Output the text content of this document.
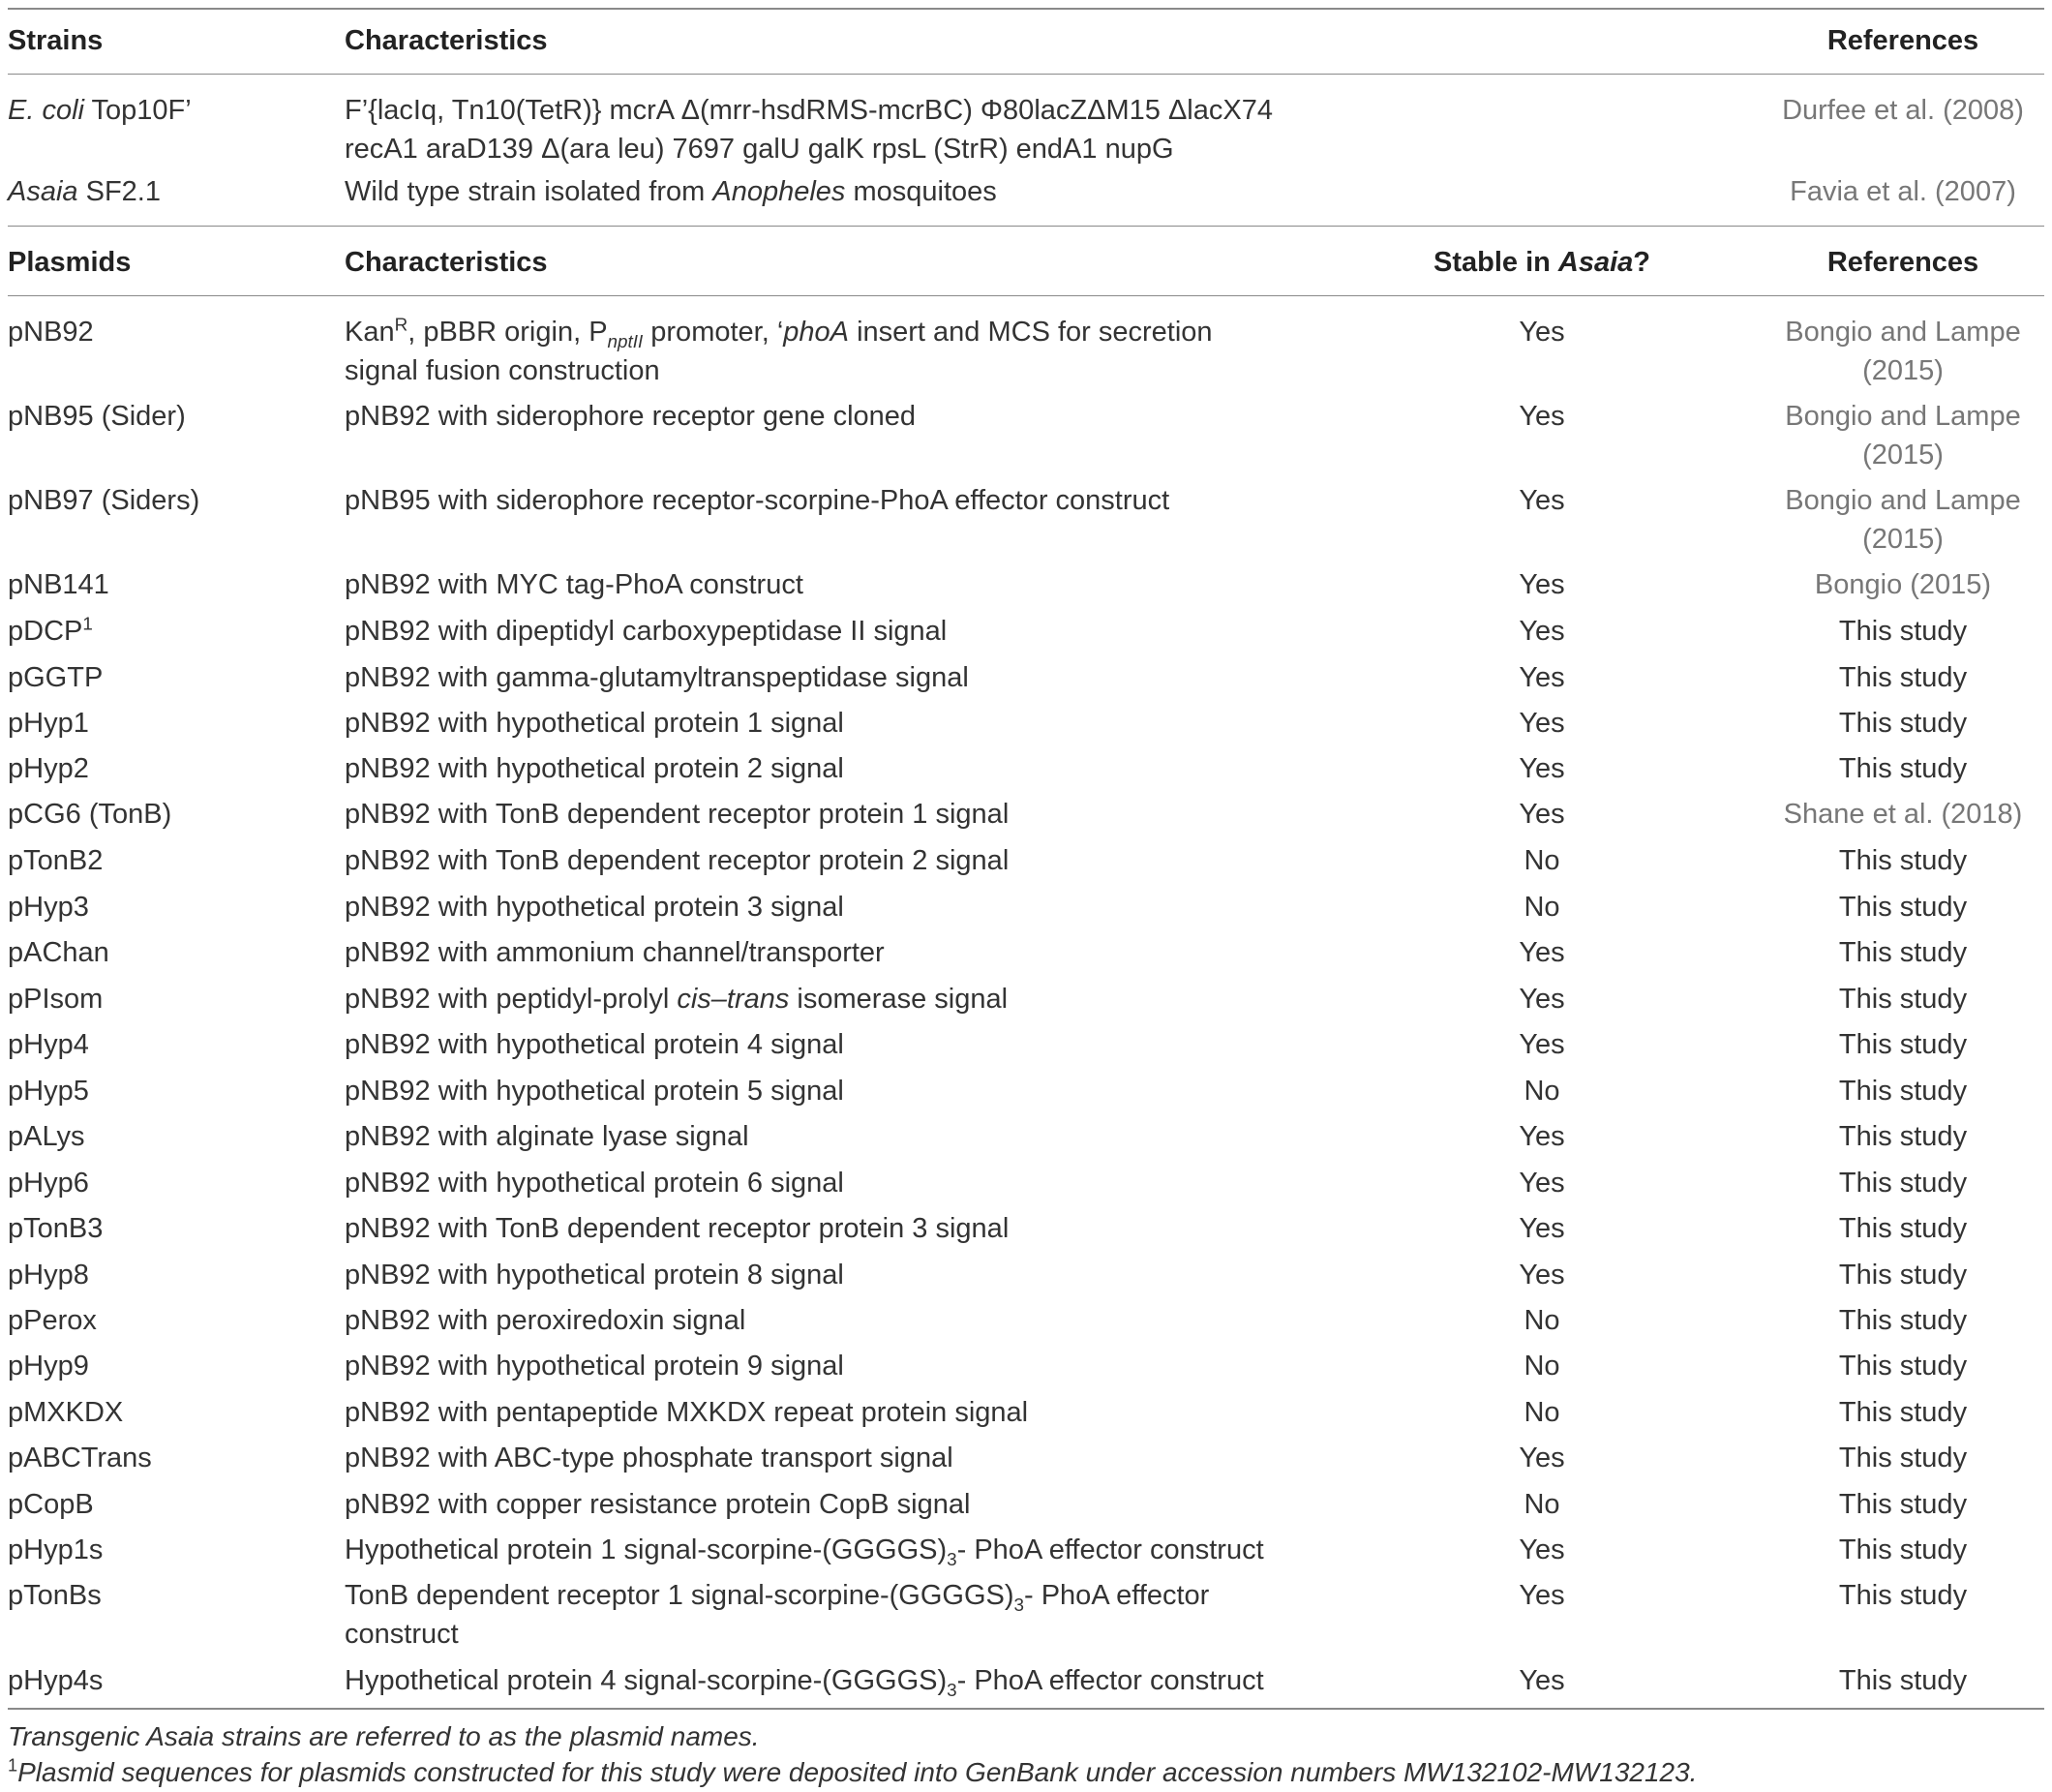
Strains	Characteristics	References
E. coli Top10F’	F’{lacIq, Tn10(TetR)} mcrA Δ(mrr-hsdRMS-mcrBC) Φ80lacZΔM15 ΔlacX74
recA1 araD139 Δ(ara leu) 7697 galU galK rpsL (StrR) endA1 nupG
Durfee et al. (2008)
Asaia SF2.1	Wild type strain isolated from Anopheles mosquitoes	Favia et al. (2007)
Plasmids	Characteristics	Stable in Asaia?	References
pNB92	Kan$^R$, pBBR origin, $P_{nptII}$ promoter, ‘phoA insert and MCS for secretion
signal fusion construction
Yes	Bongio and Lampe
(2015)
pNB95 (Sider)	pNB92 with siderophore receptor gene cloned	Yes	Bongio and Lampe
(2015)
pNB97 (Siders)	pNB95 with siderophore receptor-scorpine-PhoA effector construct	Yes	Bongio and Lampe
(2015)
pNB141	pNB92 with MYC tag-PhoA construct	Yes	Bongio (2015)
pDCP$^1$	pNB92 with dipeptidyl carboxypeptidase II signal	Yes	This study
pGGTP	pNB92 with gamma-glutamyltranspeptidase signal	Yes	This study
pHyp1	pNB92 with hypothetical protein 1 signal	Yes	This study
pHyp2	pNB92 with hypothetical protein 2 signal	Yes	This study
pCG6 (TonB)	pNB92 with TonB dependent receptor protein 1 signal	Yes	Shane et al. (2018)
pTonB2	pNB92 with TonB dependent receptor protein 2 signal	No	This study
pHyp3	pNB92 with hypothetical protein 3 signal	No	This study
pAChan	pNB92 with ammonium channel/transporter	Yes	This study
pPIsom	pNB92 with peptidyl-prolyl cis–trans isomerase signal	Yes	This study
pHyp4	pNB92 with hypothetical protein 4 signal	Yes	This study
pHyp5	pNB92 with hypothetical protein 5 signal	No	This study
pALys	pNB92 with alginate lyase signal	Yes	This study
pHyp6	pNB92 with hypothetical protein 6 signal	Yes	This study
pTonB3	pNB92 with TonB dependent receptor protein 3 signal	Yes	This study
pHyp8	pNB92 with hypothetical protein 8 signal	Yes	This study
pPerox	pNB92 with peroxiredoxin signal	No	This study
pHyp9	pNB92 with hypothetical protein 9 signal	No	This study
pMXKDX	pNB92 with pentapeptide MXKDX repeat protein signal	No	This study
pABCTrans	pNB92 with ABC-type phosphate transport signal	Yes	This study
pCopB	pNB92 with copper resistance protein CopB signal	No	This study
pHyp1s	Hypothetical protein 1 signal-$scorpine-(GGGGS)_3-$ PhoA effector construct	Yes	This study
pTonBs	TonB dependent receptor 1 signal-$scorpine-(GGGGS)_3-$ PhoA effector
construct
Yes	This study
pHyp4s	Hypothetical protein 4 signal-$scorpine-(GGGGS)_3-$ PhoA effector construct	Yes	This study
Transgenic Asaia strains are referred to as the plasmid names.
$^1$Plasmid sequences for plasmids constructed for this study were deposited into GenBank under accession numbers MW132102-MW132123.
